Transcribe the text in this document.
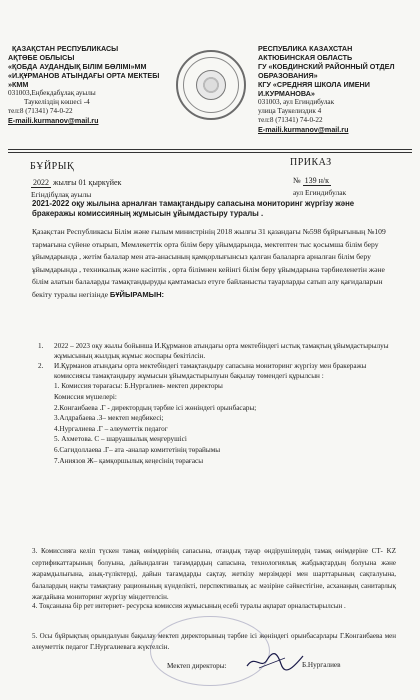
ҚАЗАҚСТАН РЕСПУБЛИКАСЫ
АҚТӨБЕ ОБЛЫСЫ
«ҚОБДА АУДАНДЫҚ БІЛІМ БӨЛІМІ»ММ
«И.ҚҰРМАНОВ АТЫНДАҒЫ ОРТА МЕКТЕБІ »КММ
031003,Еңбекдабұлақ ауылы
Таукеліздің көшесі -4
тел:8 (71341) 74-0-22
E-maili.kurmanov@mail.ru
РЕСПУБЛИКА КАЗАХСТАН
АКТЮБИНСКАЯ ОБЛАСТЬ
ГУ «КОБДИНСКИЙ РАЙОННЫЙ ОТДЕЛ ОБРАЗОВАНИЯ»
КГУ «СРЕДНЯЯ ШКОЛА ИМЕНИ И.КУРМАНОВА»
031003, аул Егиндибулак
улица Таукелиздик 4
тел:8 (71341) 74-0-22
E-maili.kurmanov@mail.ru
БҰЙРЫҚ	ПРИКАЗ
2022 жылғы 01 қыркүйек	№ 139 н/к
Егіндібұлақ ауылы	аул Егиндибулак
2021-2022 оқу жылына арналған тамақтандыру сапасына мониторинг жүргізу және бракеражы комиссияның жұмысын ұйымдастыру туралы .
Қазақстан Республикасы Білім және ғылым министрінің 2018 жылғы 31 қазандағы №598 бұйрығының №109 тармағына сүйене отырып, Мемлекеттік орта білім беру ұйымдарында, мектептен тыс қосымша білім беру ұйымдарында , жетім балалар мен ата-анасының қамқорлығынсыз қалған балаларға арналған білім беру ұйымдарында , техникалық және кәсіптік , орта білімнен кейінгі білім беру ұйымдарына тәрбиеленетін және білім алатын балаларды тамақтандыруды қамтамасыз етуге байланысты тауарларды сатып алу қағидаларын бекіту туралы негізінде БҰЙЫРАМЫН:
1. 2022 – 2023 оқу жылы бойынша И.Құрманов атындағы орта мектебіндегі ыстық тамақтың ұйымдастырылуы жұмысының жылдық жұмыс жоспары бекітілсін.
2. И.Құрманов атындағы орта мектебіндегі тамақтандыру сапасына мониторинг жүргізу мен бракеражы комиссиясы тамақтандыру жұмысын ұйымдастырылуын бақылау төмендегі құрылсын :
1. Комиссия төрағасы: Б.Нургалиев- мектеп директоры
Комиссия мүшелері:
2.Конгаибаева .Г - директордың тәрбие ісі жөніндегі орынбасары;
3.Алдрабаева .З– мектеп медбикесі;
4.Нургалиева .Г – әлеуметтік педагог
5. Ахметова. С – шаруашылық меңгерушісі
6.Сагидоллаева .Г– ата -аналар комитетінің төрайымы
7.Аниязов Ж– қамқоршылық кеңесінің төрағасы
3. Комиссияға келіп түскен тамақ өнімдерінің сапасына, отандық тауар өндірушілердің тамақ өнімдеріне СТ- KZ сертификаттарының болуына, дайындалған тағамдардың сапасына, технологиялық жабдықтардың болуына және жарамдылығына, азық-түліктерді, дайын тағамдарды сақтау, жеткізу мерзімдері мен шарттарының сақталуына, балалардың нақты тамақтану рационының күнделікті, перспективалық ас мәзіріне сәйкестігіне, асханаңың санитарлық жағдайына мониторинг жүргізу міндеттелсін.
4. Тоқсанына бір рет интернет- ресурска комиссия жұмысының есебі туралы ақпарат орналастырылсын .
5. Осы бұйрықтың орындалуын бақылау мектеп директорының тәрбие ісі жөніндегі орынбасарлары Г.Конгаибаева мен әлеуметтік педагог Г.Нургалиевага жүктелсін.
Мектеп директоры:	Б.Нургалиев
